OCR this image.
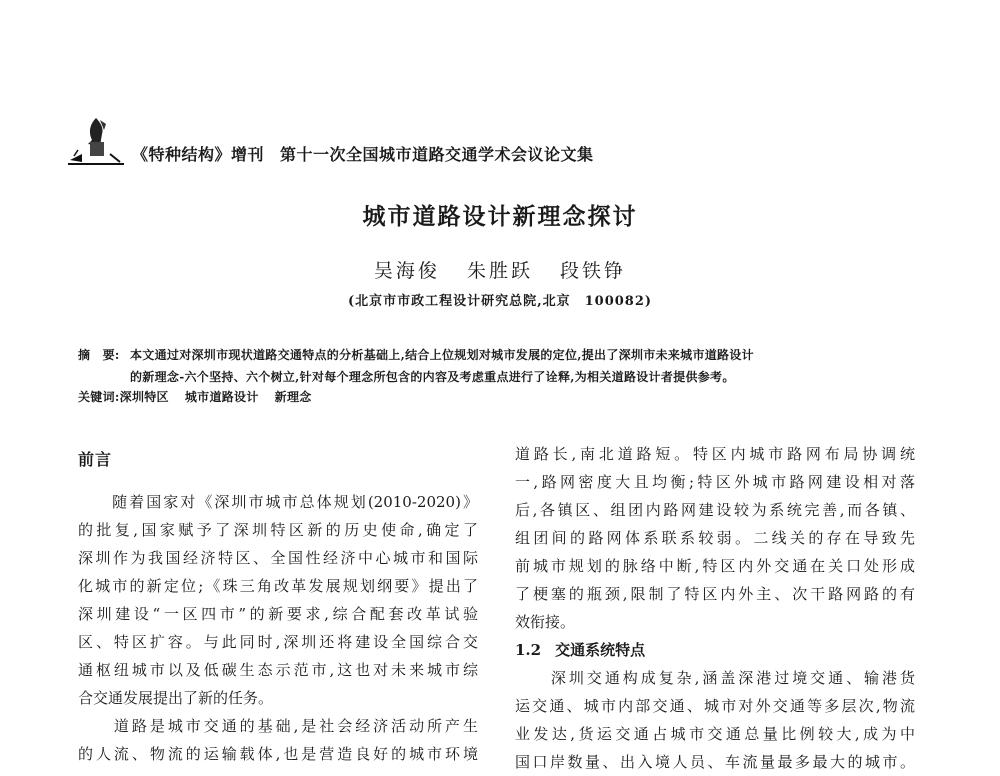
《特种结构》增刊 第十一次全国城市道路交通学术会议论文集
城市道路设计新理念探讨
吴海俊 朱胜跃 段铁铮
(北京市市政工程设计研究总院,北京　100082)
摘　要: 本文通过对深圳市现状道路交通特点的分析基础上,结合上位规划对城市发展的定位,提出了深圳市未来城市道路设计
的新理念-六个坚持、六个树立,针对每个理念所包含的内容及考虑重点进行了诠释,为相关道路设计者提供参考。
关键词:深圳特区 城市道路设计 新理念
前言
　　随着国家对《深圳市城市总体规划(2010-2020)》
的批复,国家赋予了深圳特区新的历史使命,确定了
深圳作为我国经济特区、全国性经济中心城市和国际
化城市的新定位;《珠三角改革发展规划纲要》提出了
深圳建设“一区四市”的新要求,综合配套改革试验
区、特区扩容。与此同时,深圳还将建设全国综合交
通枢纽城市以及低碳生态示范市,这也对未来城市综
合交通发展提出了新的任务。
　　道路是城市交通的基础,是社会经济活动所产生
的人流、物流的运输载体,也是营造良好的城市环境
道路长,南北道路短。特区内城市路网布局协调统
一,路网密度大且均衡;特区外城市路网建设相对落
后,各镇区、组团内路网建设较为系统完善,而各镇、
组团间的路网体系联系较弱。二线关的存在导致先
前城市规划的脉络中断,特区内外交通在关口处形成
了梗塞的瓶颈,限制了特区内外主、次干路网路的有
效衔接。
1.2 交通系统特点
　　深圳交通构成复杂,涵盖深港过境交通、输港货
运交通、城市内部交通、城市对外交通等多层次,物流
业发达,货运交通占城市交通总量比例较大,成为中
国口岸数量、出入境人员、车流量最多最大的城市。
